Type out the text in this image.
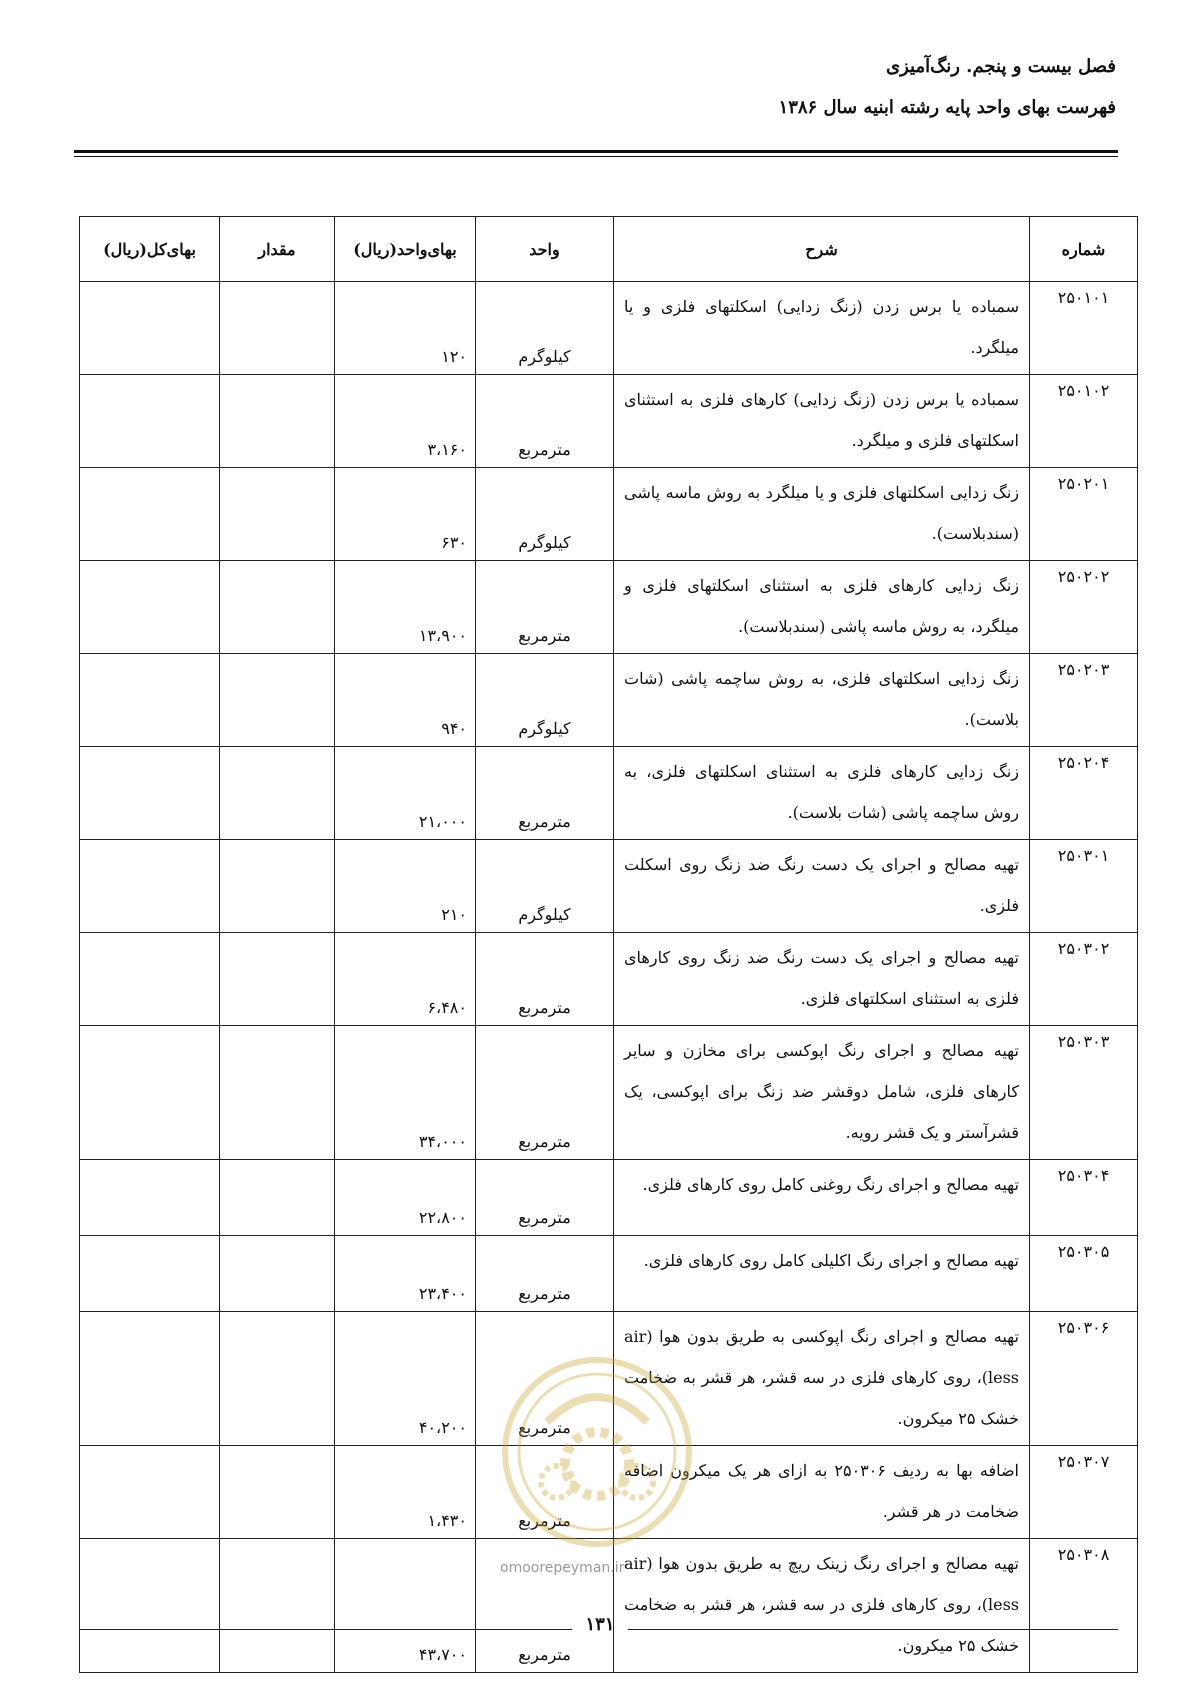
فصل بیست و پنجم. رنگ‌آمیزی
فهرست بهای واحد پایه رشته ابنیه سال ۱۳۸۶
شماره	شرح	واحد	بهای‌واحد(ریال)	مقدار	بهای‌کل(ریال)
۲۵۰۱۰۱	سمباده یا برس زدن (زنگ زدایی) اسکلتهای فلزی و یا میلگرد.	کیلوگرم	۱۲۰		
۲۵۰۱۰۲	سمباده یا برس زدن (زنگ زدایی) کارهای فلزی به استثنای اسکلتهای فلزی و میلگرد.	مترمربع	۳،۱۶۰		
۲۵۰۲۰۱	زنگ زدایی اسکلتهای فلزی و یا میلگرد به روش ماسه پاشی (سندبلاست).	کیلوگرم	۶۳۰		
۲۵۰۲۰۲	زنگ زدایی کارهای فلزی به استثنای اسکلتهای فلزی و میلگرد، به روش ماسه پاشی (سندبلاست).	مترمربع	۱۳،۹۰۰		
۲۵۰۲۰۳	زنگ زدایی اسکلتهای فلزی، به روش ساچمه پاشی (شات بلاست).	کیلوگرم	۹۴۰		
۲۵۰۲۰۴	زنگ زدایی کارهای فلزی به استثنای اسکلتهای فلزی، به روش ساچمه پاشی (شات بلاست).	مترمربع	۲۱،۰۰۰		
۲۵۰۳۰۱	تهیه مصالح و اجرای یک دست رنگ ضد زنگ روی اسکلت فلزی.	کیلوگرم	۲۱۰		
۲۵۰۳۰۲	تهیه مصالح و اجرای یک دست رنگ ضد زنگ روی کارهای فلزی به استثنای اسکلتهای فلزی.	مترمربع	۶،۴۸۰		
۲۵۰۳۰۳	تهیه مصالح و اجرای رنگ اپوکسی برای مخازن و سایر کارهای فلزی، شامل دوقشر ضد زنگ برای اپوکسی، یک قشرآستر و یک قشر رویه.	مترمربع	۳۴،۰۰۰		
۲۵۰۳۰۴	تهیه مصالح و اجرای رنگ روغنی کامل روی کارهای فلزی.	مترمربع	۲۲،۸۰۰		
۲۵۰۳۰۵	تهیه مصالح و اجرای رنگ اکلیلی کامل روی کارهای فلزی.	مترمربع	۲۳،۴۰۰		
۲۵۰۳۰۶	تهیه مصالح و اجرای رنگ اپوکسی به طریق بدون هوا (air less)، روی کارهای فلزی در سه قشر، هر قشر به ضخامت خشک ۲۵ میکرون.	مترمربع	۴۰،۲۰۰		
۲۵۰۳۰۷	اضافه بها به ردیف ۲۵۰۳۰۶ به ازای هر یک میکرون اضافه ضخامت در هر قشر.	مترمربع	۱،۴۳۰		
۲۵۰۳۰۸	تهیه مصالح و اجرای رنگ زینک ریچ به طریق بدون هوا (air less)، روی کارهای فلزی در سه قشر، هر قشر به ضخامت خشک ۲۵ میکرون.	مترمربع	۴۳،۷۰۰		
omoorepeyman.ir
۱۳۱
